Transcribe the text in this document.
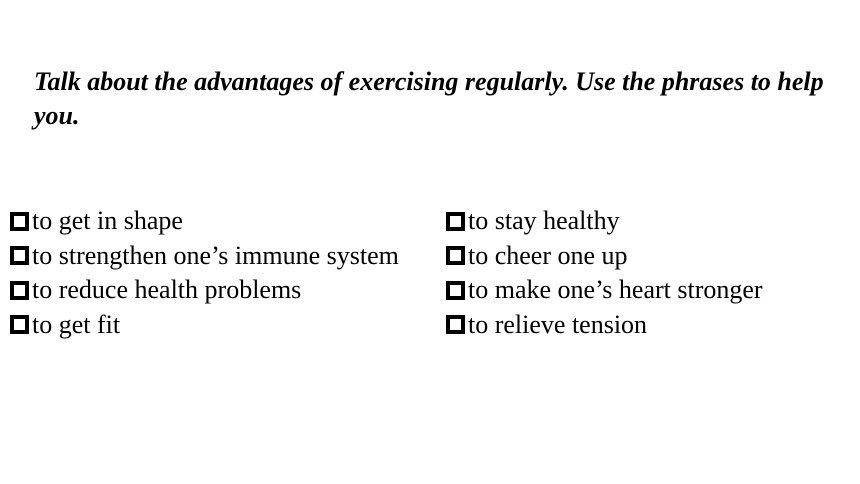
Talk about the advantages of exercising regularly. Use the phrases to help you.

to get in shape
to strengthen one’s immune system
to reduce health problems
to get fit
to stay healthy
to cheer one up
to make one’s heart stronger
to relieve tension
